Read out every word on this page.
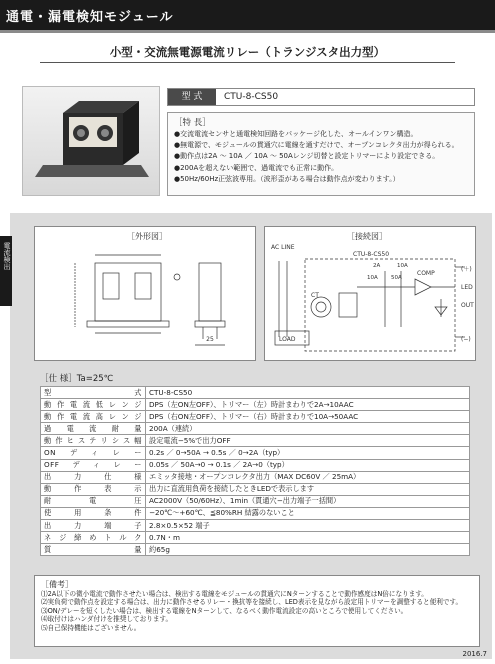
通電・漏電検知モジュール
小型・交流無電源電流リレー（トランジスタ出力型）
型 式	CTU-8-CS50
［特 長］
●交流電流センサと通電検知回路をパッケージ化した、オールインワン構造。
●無電源で、モジュールの貫通穴に電線を通すだけで、オープンコレクタ出力が得られる。
●動作点は2A 〜 10A ／ 10A 〜 50Aレンジ切替と設定トリマーにより設定できる。
●200Aを超えない範囲で、過電流でも正常に動作。
●50Hz/60Hz正弦波専用。（波形歪がある場合は動作点が変わります。）
電流検出
［外形図］
25
［接続図］
AC LINE
CTU-8-CS50
2A	10A
10A 50A
CT
COMP
(＋)
LED
OUT
(−)
LOAD
［仕 様］Ta=25℃
型式	CTU-8-CS50
動作電流低レンジ	DPS（左ON左OFF）、トリマー（左）時計まわりで2A→10AAC
動作電流高レンジ	DPS（右ON左OFF）、トリマー（右）時計まわりで10A→50AAC
過電流耐量	200A（連続）
動作ヒステリシス幅	設定電流−5%で出力OFF
ONディレー	0.2s ／ 0→50A → 0.5s ／ 0→2A（typ）
OFFディレー	0.05s ／ 50A→0 → 0.1s ／ 2A→0（typ）
出力仕様	エミッタ接地・オープンコレクタ出力（MAX DC60V ／ 25mA）
動作表示	出力に直流用負荷を接続したときLEDで表示します
耐電圧	AC2000V（50/60Hz）、1min（貫通穴−出力端子一括間）
使用条件	−20℃〜+60℃、≦80%RH 結露のないこと
出力端子	2.8×0.5×52 端子
ネジ締めトルク	0.7N・m
質量	約65g
［備考］
⑴2A以下の微小電流で動作させたい場合は、検出する電線をモジュールの貫通穴にNターンすることで動作感度はN倍になります。
⑵実負荷で動作点を設定する場合は、出力に動作させるリレー・換抗等を接続し、LED表示を見ながら設定用トリマーを調整すると便利です。
⑶ON/デレーを短くしたい場合は、検出する電線をNターンして、なるべく動作電流設定の高いところで使用してください。
⑷取付けはハンダ付けを推奨しております。
⑸自己保持機能はございません。
2016.7
